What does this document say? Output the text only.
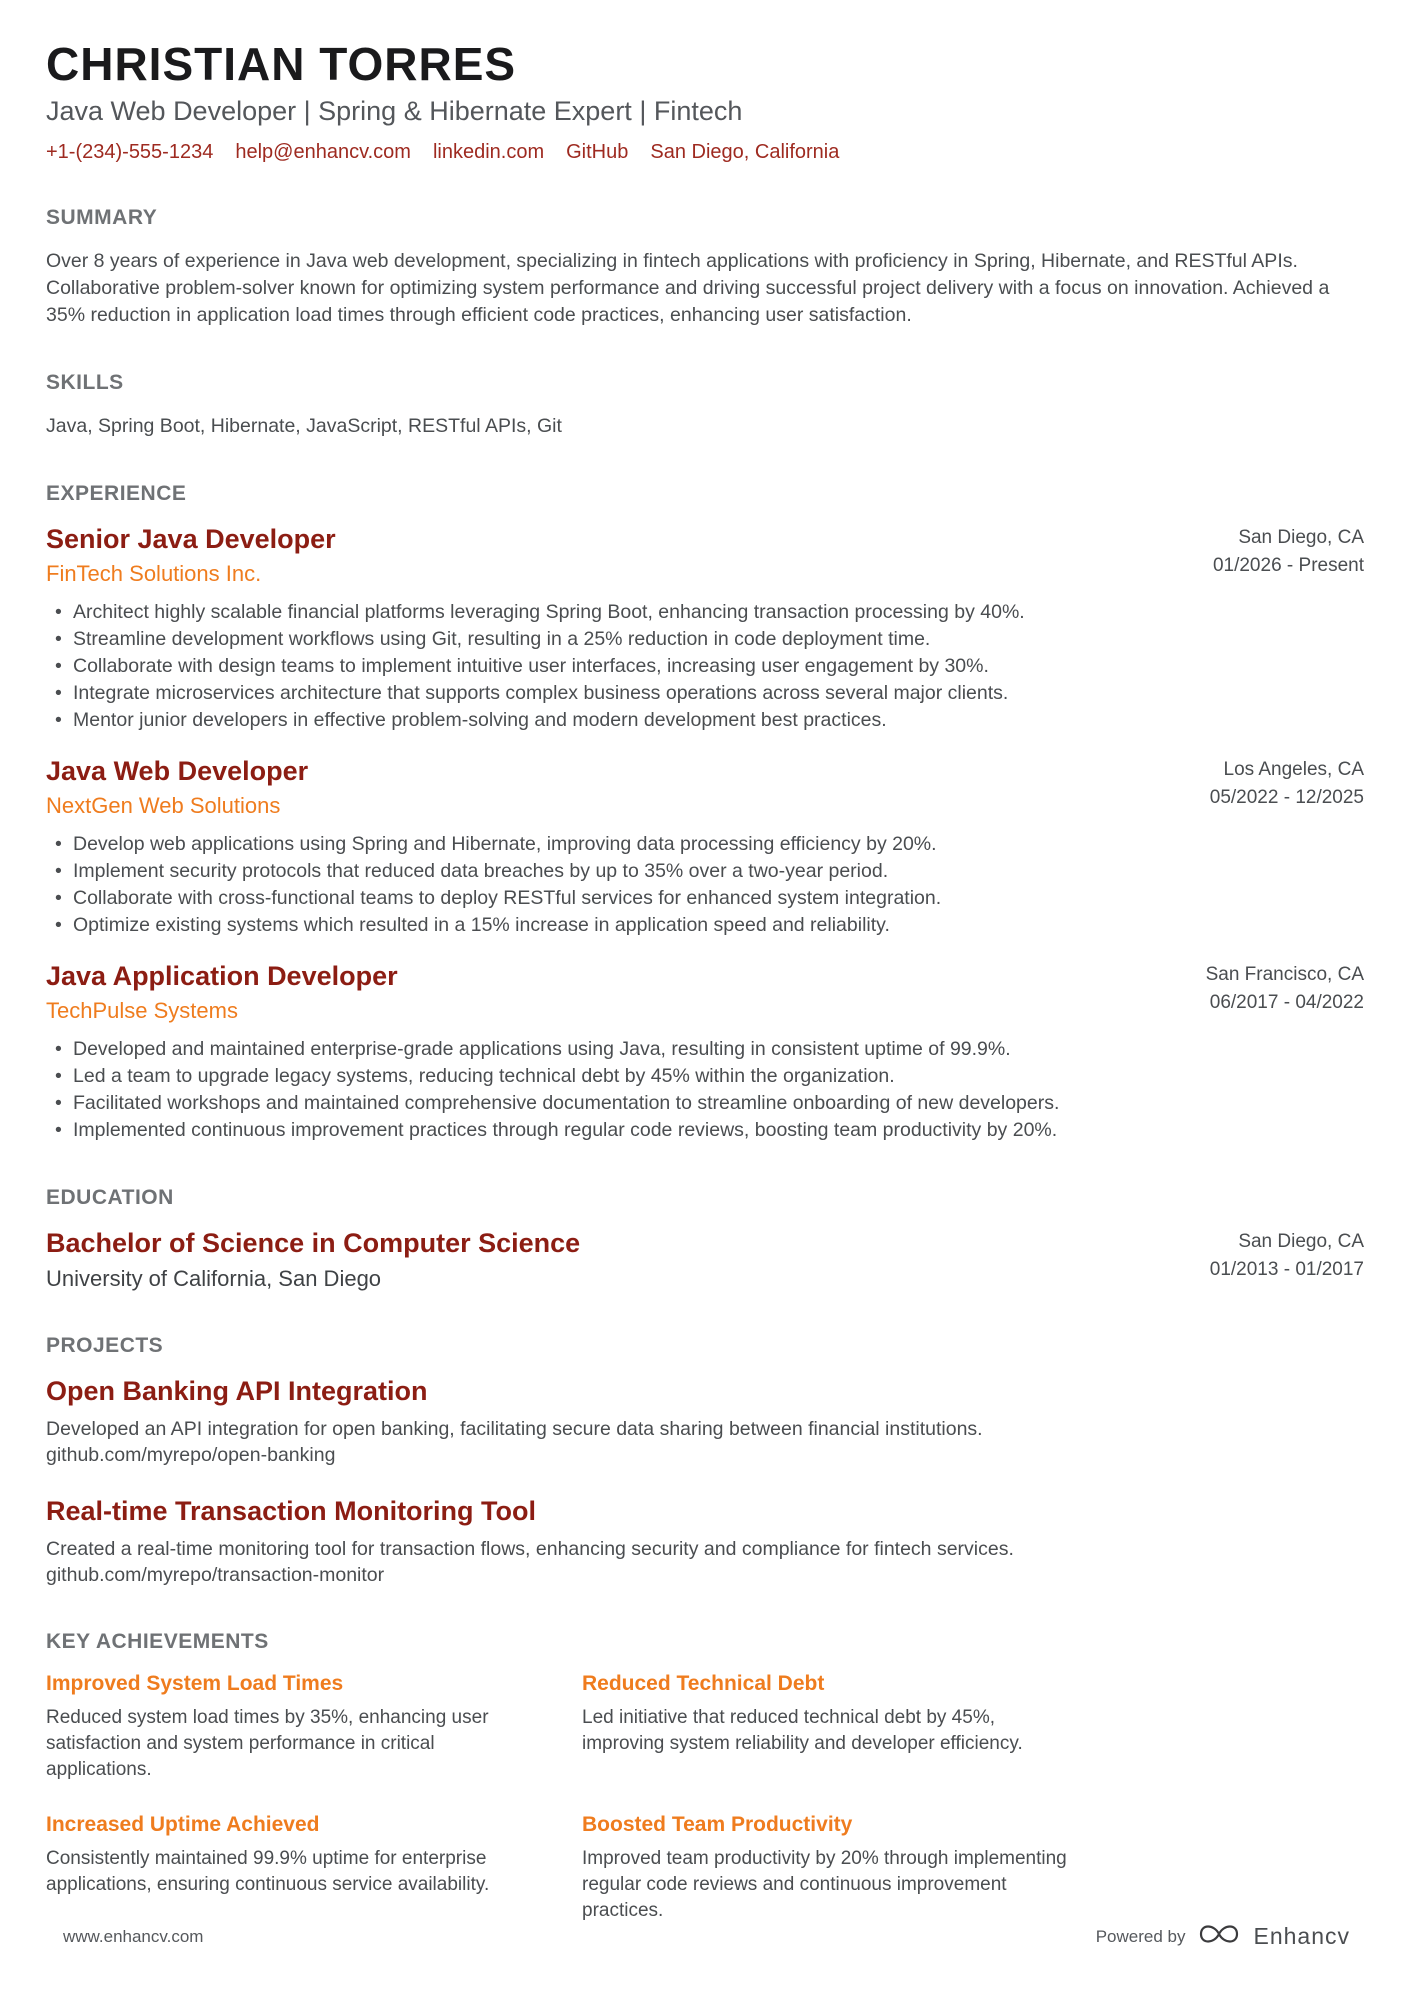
CHRISTIAN TORRES
Java Web Developer | Spring & Hibernate Expert | Fintech
+1-(234)-555-1234 help@enhancv.com linkedin.com GitHub San Diego, California
SUMMARY

Over 8 years of experience in Java web development, specializing in fintech applications with proficiency in Spring, Hibernate, and RESTful APIs. Collaborative problem-solver known for optimizing system performance and driving successful project delivery with a focus on innovation. Achieved a 35% reduction in application load times through efficient code practices, enhancing user satisfaction.

SKILLS

Java, Spring Boot, Hibernate, JavaScript, RESTful APIs, Git

EXPERIENCE
Senior Java Developer
FinTech Solutions Inc.
San Diego, CA
01/2026 - Present
• Architect highly scalable financial platforms leveraging Spring Boot, enhancing transaction processing by 40%.
• Streamline development workflows using Git, resulting in a 25% reduction in code deployment time.
• Collaborate with design teams to implement intuitive user interfaces, increasing user engagement by 30%.
• Integrate microservices architecture that supports complex business operations across several major clients.
• Mentor junior developers in effective problem-solving and modern development best practices.
Java Web Developer
NextGen Web Solutions
Los Angeles, CA
05/2022 - 12/2025
• Develop web applications using Spring and Hibernate, improving data processing efficiency by 20%.
• Implement security protocols that reduced data breaches by up to 35% over a two-year period.
• Collaborate with cross-functional teams to deploy RESTful services for enhanced system integration.
• Optimize existing systems which resulted in a 15% increase in application speed and reliability.
Java Application Developer
TechPulse Systems
San Francisco, CA
06/2017 - 04/2022
• Developed and maintained enterprise-grade applications using Java, resulting in consistent uptime of 99.9%.
• Led a team to upgrade legacy systems, reducing technical debt by 45% within the organization.
• Facilitated workshops and maintained comprehensive documentation to streamline onboarding of new developers.
• Implemented continuous improvement practices through regular code reviews, boosting team productivity by 20%.
EDUCATION
Bachelor of Science in Computer Science
University of California, San Diego
San Diego, CA
01/2013 - 01/2017
PROJECTS
Open Banking API Integration

Developed an API integration for open banking, facilitating secure data sharing between financial institutions.

github.com/myrepo/open-banking

Real-time Transaction Monitoring Tool

Created a real-time monitoring tool for transaction flows, enhancing security and compliance for fintech services.

github.com/myrepo/transaction-monitor

KEY ACHIEVEMENTS
Improved System Load Times

Reduced system load times by 35%, enhancing user satisfaction and system performance in critical applications.

Reduced Technical Debt

Led initiative that reduced technical debt by 45%, improving system reliability and developer efficiency.

Increased Uptime Achieved

Consistently maintained 99.9% uptime for enterprise applications, ensuring continuous service availability.

Boosted Team Productivity

Improved team productivity by 20% through implementing regular code reviews and continuous improvement practices.

www.enhancv.com	Powered by	Enhancv
